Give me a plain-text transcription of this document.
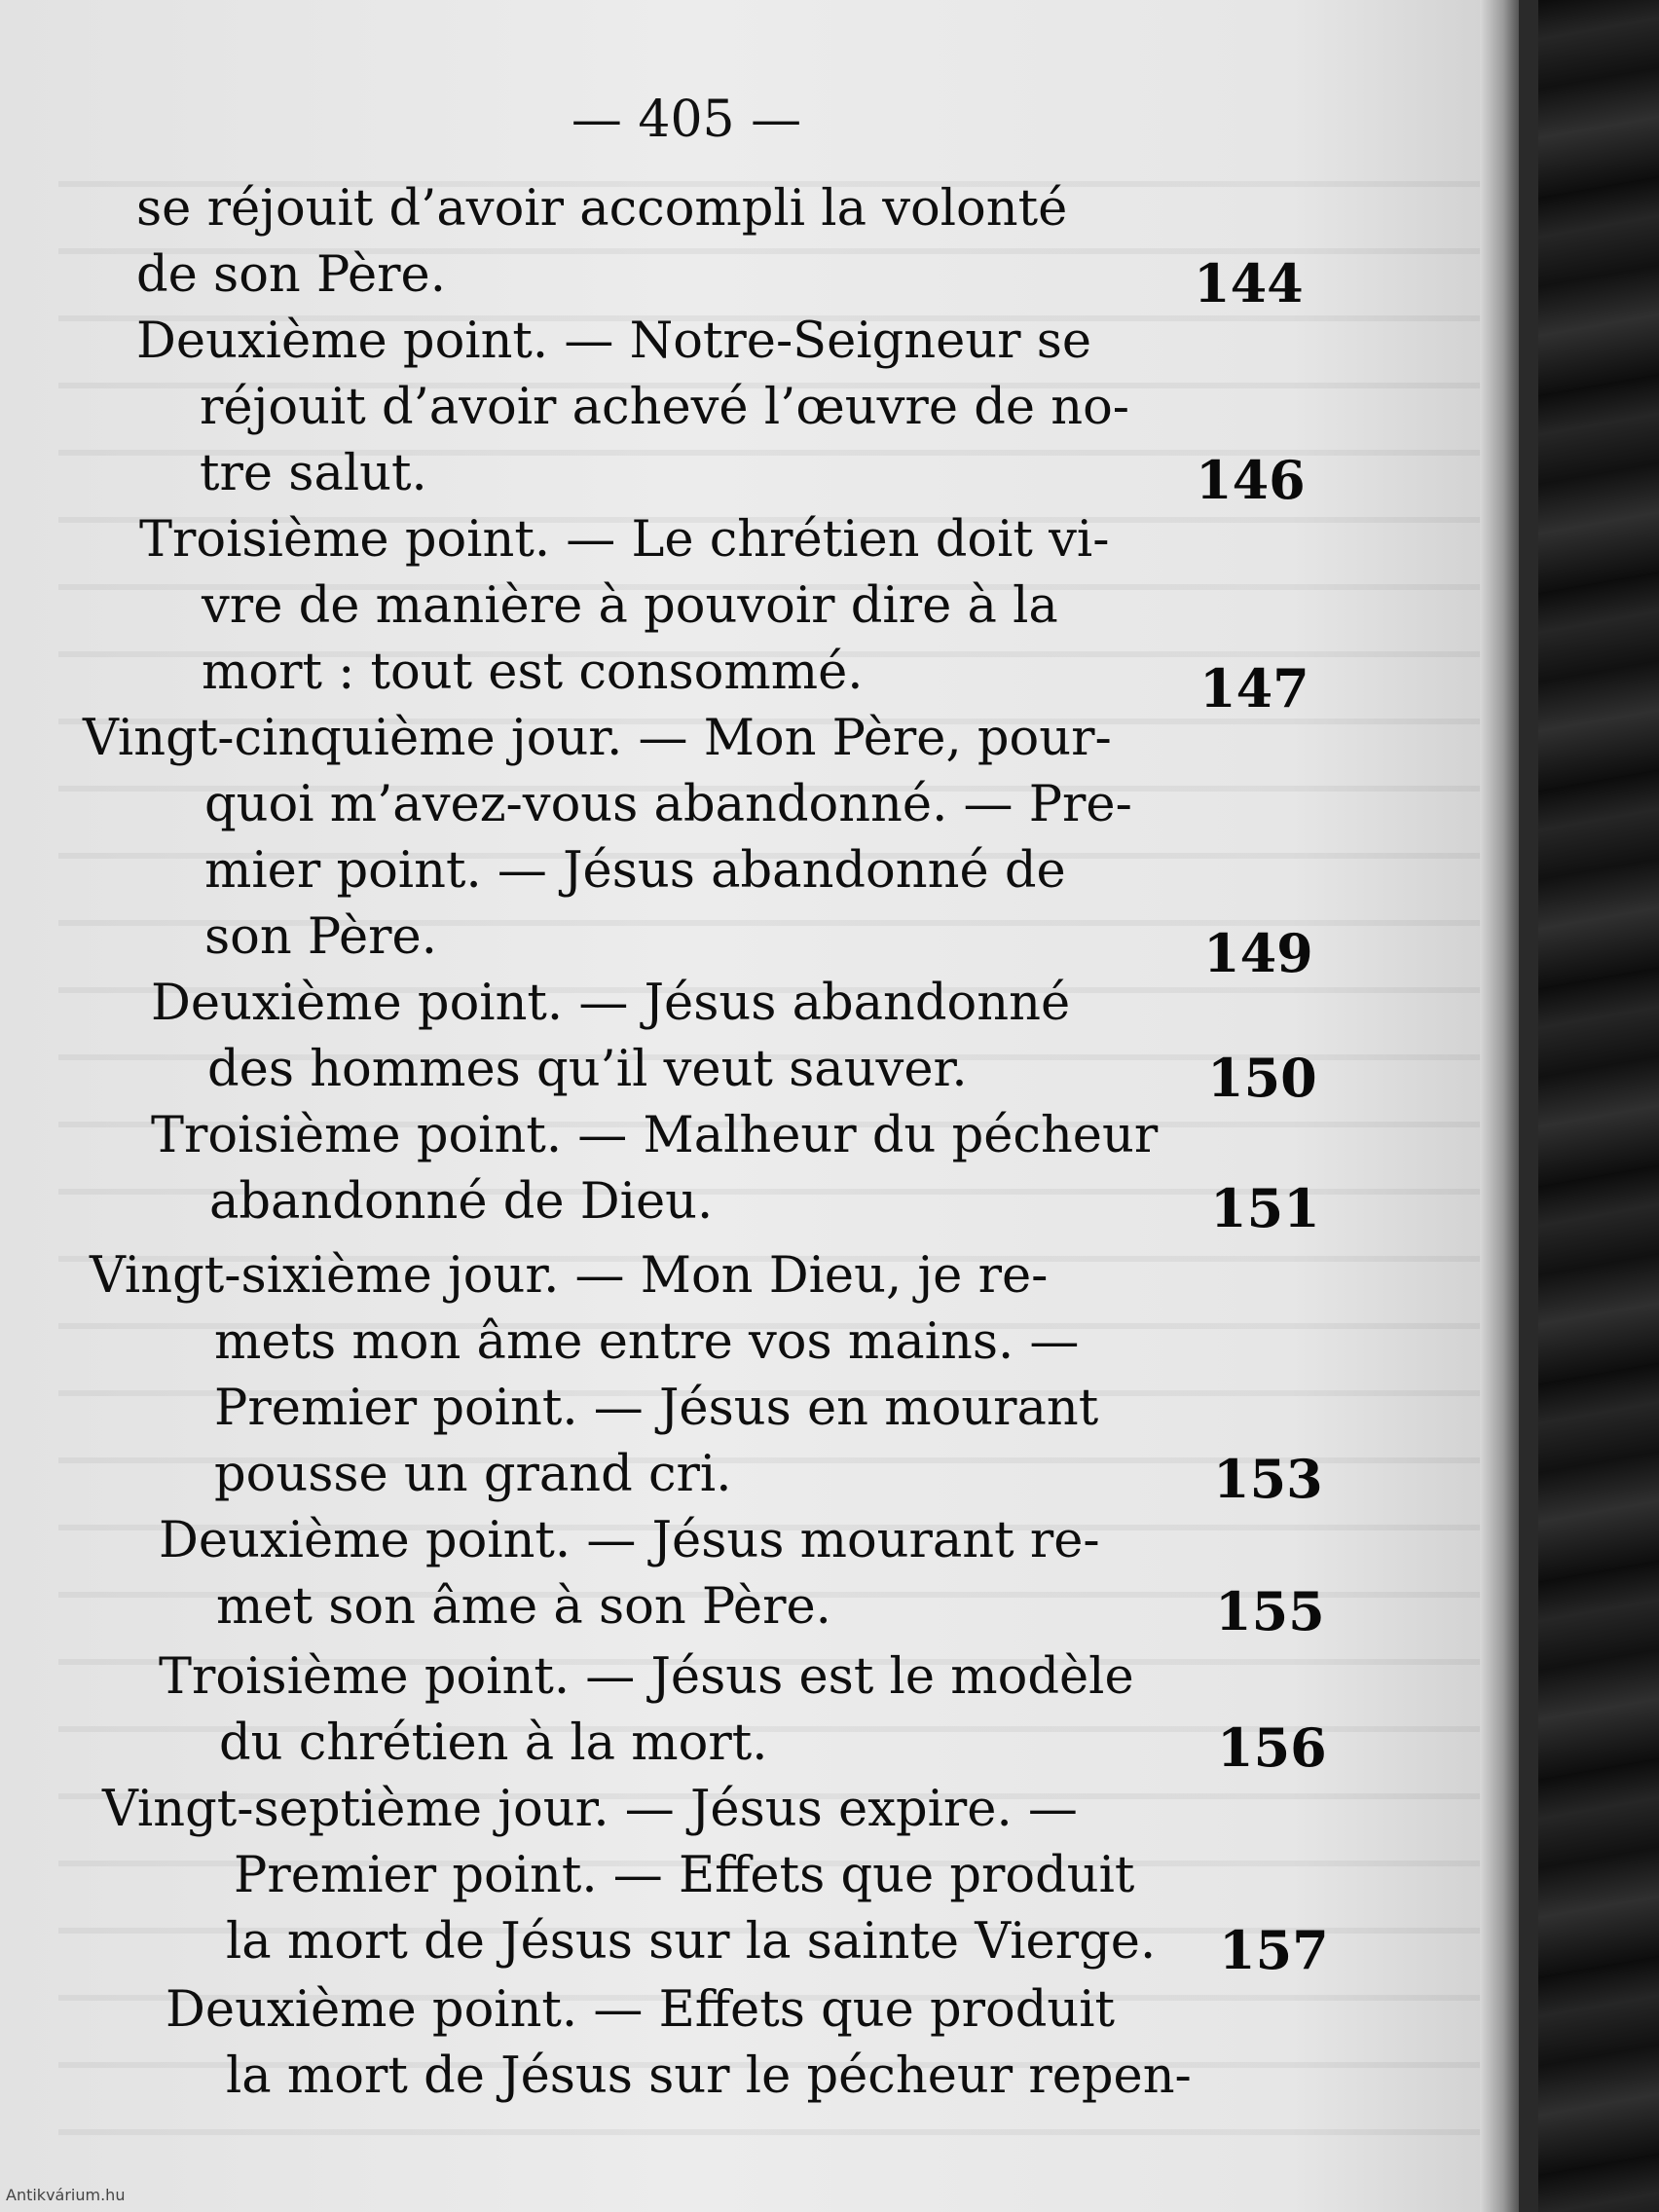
— 405 —
se réjouit d’avoir accompli la volonté
de son Père.	144
Deuxième point. — Notre-Seigneur se
réjouit d’avoir achevé l’œuvre de no-
tre salut.	146
Troisième point. — Le chrétien doit vi-
vre de manière à pouvoir dire à la
mort : tout est consommé.	147
Vingt-cinquième jour. — Mon Père, pour-
quoi m’avez-vous abandonné. — Pre-
mier point. — Jésus abandonné de
son Père.	149
Deuxième point. — Jésus abandonné
des hommes qu’il veut sauver.	150
Troisième point. — Malheur du pécheur
abandonné de Dieu.	151
Vingt-sixième jour. — Mon Dieu, je re-
mets mon âme entre vos mains. —
Premier point. — Jésus en mourant
pousse un grand cri.	153
Deuxième point. — Jésus mourant re-
met son âme à son Père.	155
Troisième point. — Jésus est le modèle
du chrétien à la mort.	156
Vingt-septième jour. — Jésus expire. —
Premier point. — Effets que produit
la mort de Jésus sur la sainte Vierge. 157
Deuxième point. — Effets que produit
la mort de Jésus sur le pécheur repen-
Antikvárium.hu
